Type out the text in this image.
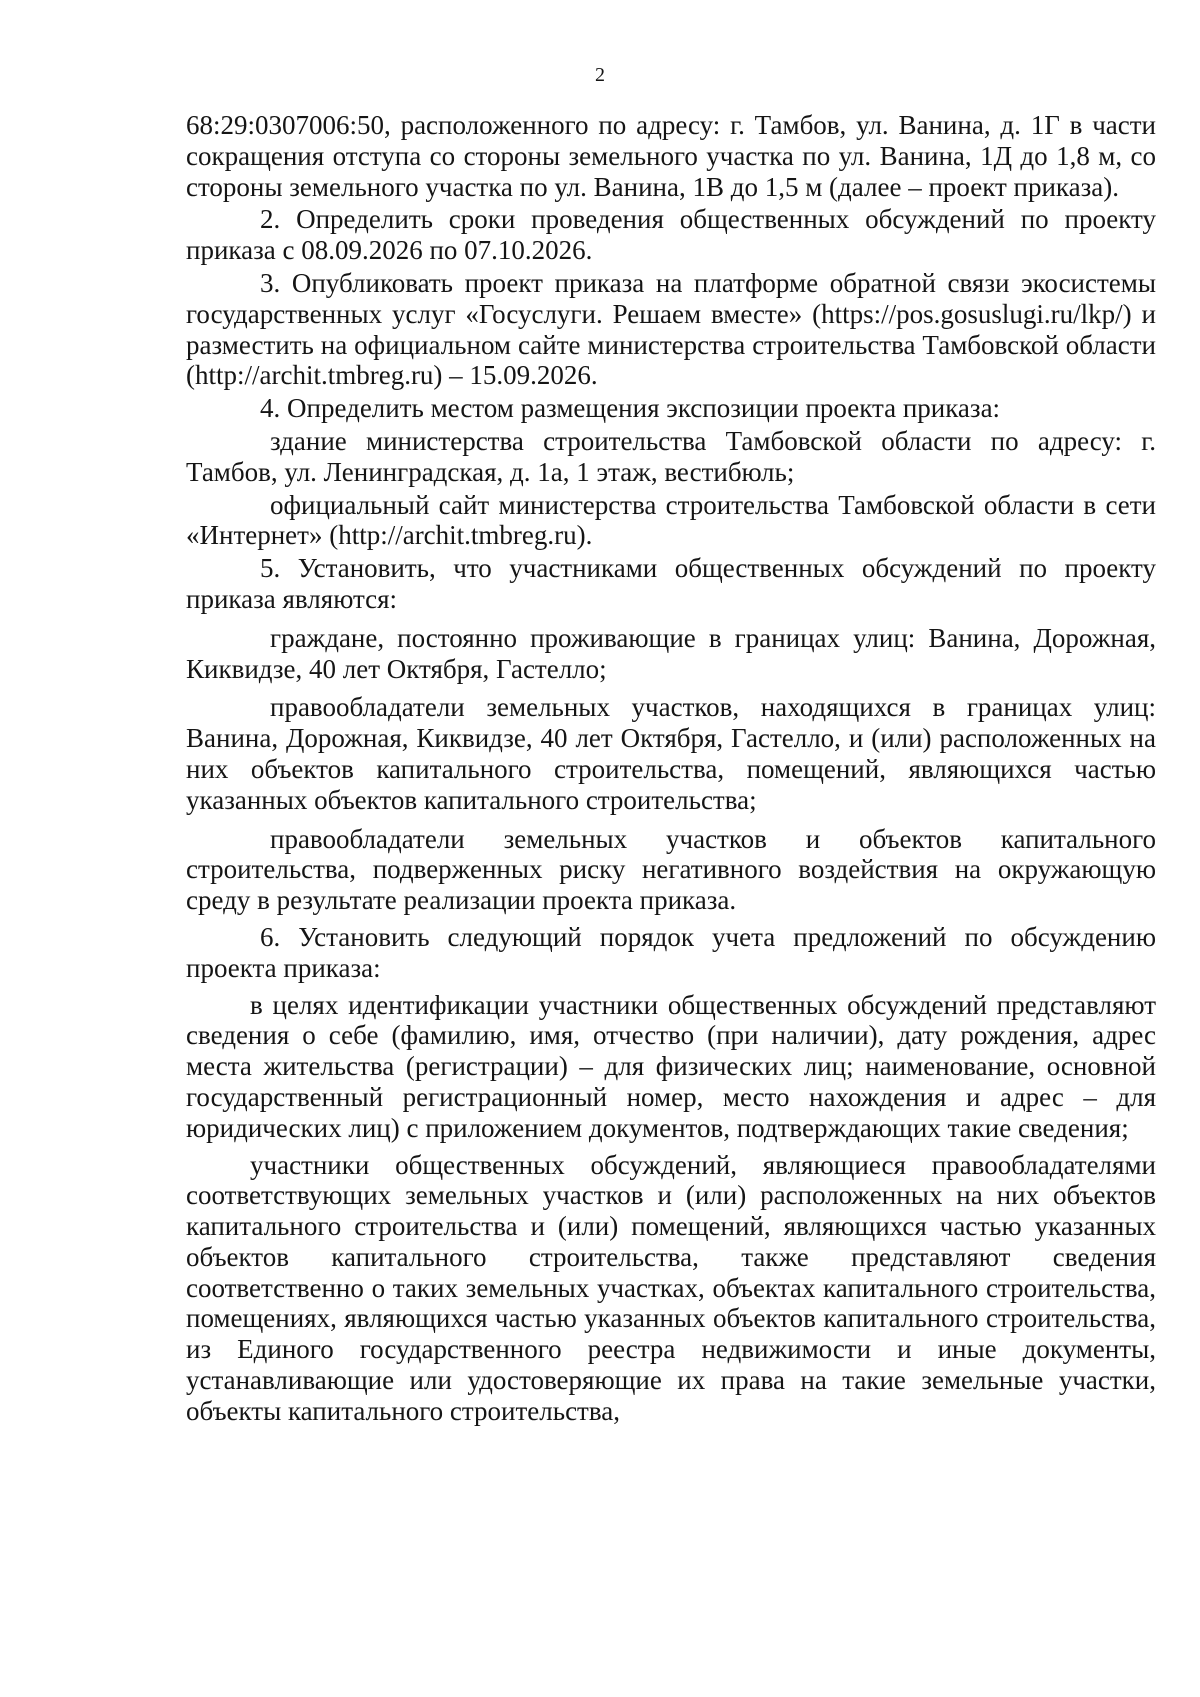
2

68:29:0307006:50, расположенного по адресу: г. Тамбов, ул. Ванина, д. 1Г в части сокращения отступа со стороны земельного участка по ул. Ванина, 1Д до 1,8 м, со стороны земельного участка по ул. Ванина, 1В до 1,5 м (далее – проект приказа).

2. Определить сроки проведения общественных обсуждений по проекту приказа с 08.09.2026 по 07.10.2026.

3. Опубликовать проект приказа на платформе обратной связи экосистемы государственных услуг «Госуслуги. Решаем вместе» (https://pos.gosuslugi.ru/lkp/) и разместить на официальном сайте министерства строительства Тамбовской области (http://archit.tmbreg.ru) – 15.09.2026.

4. Определить местом размещения экспозиции проекта приказа:

здание министерства строительства Тамбовской области по адресу: г. Тамбов, ул. Ленинградская, д. 1а, 1 этаж, вестибюль;

официальный сайт министерства строительства Тамбовской области в сети «Интернет» (http://archit.tmbreg.ru).

5. Установить, что участниками общественных обсуждений по проекту приказа являются:

граждане, постоянно проживающие в границах улиц: Ванина, Дорожная, Киквидзе, 40 лет Октября, Гастелло;

правообладатели земельных участков, находящихся в границах улиц: Ванина, Дорожная, Киквидзе, 40 лет Октября, Гастелло, и (или) расположенных на них объектов капитального строительства, помещений, являющихся частью указанных объектов капитального строительства;

правообладатели земельных участков и объектов капитального строительства, подверженных риску негативного воздействия на окружающую среду в результате реализации проекта приказа.

6. Установить следующий порядок учета предложений по обсуждению проекта приказа:

в целях идентификации участники общественных обсуждений представляют сведения о себе (фамилию, имя, отчество (при наличии), дату рождения, адрес места жительства (регистрации) – для физических лиц; наименование, основной государственный регистрационный номер, место нахождения и адрес – для юридических лиц) с приложением документов, подтверждающих такие сведения;

участники общественных обсуждений, являющиеся правообладателями соответствующих земельных участков и (или) расположенных на них объектов капитального строительства и (или) помещений, являющихся частью указанных объектов капитального строительства, также представляют сведения соответственно о таких земельных участках, объектах капитального строительства, помещениях, являющихся частью указанных объектов капитального строительства, из Единого государственного реестра недвижимости и иные документы, устанавливающие или удостоверяющие их права на такие земельные участки, объекты капитального строительства,
